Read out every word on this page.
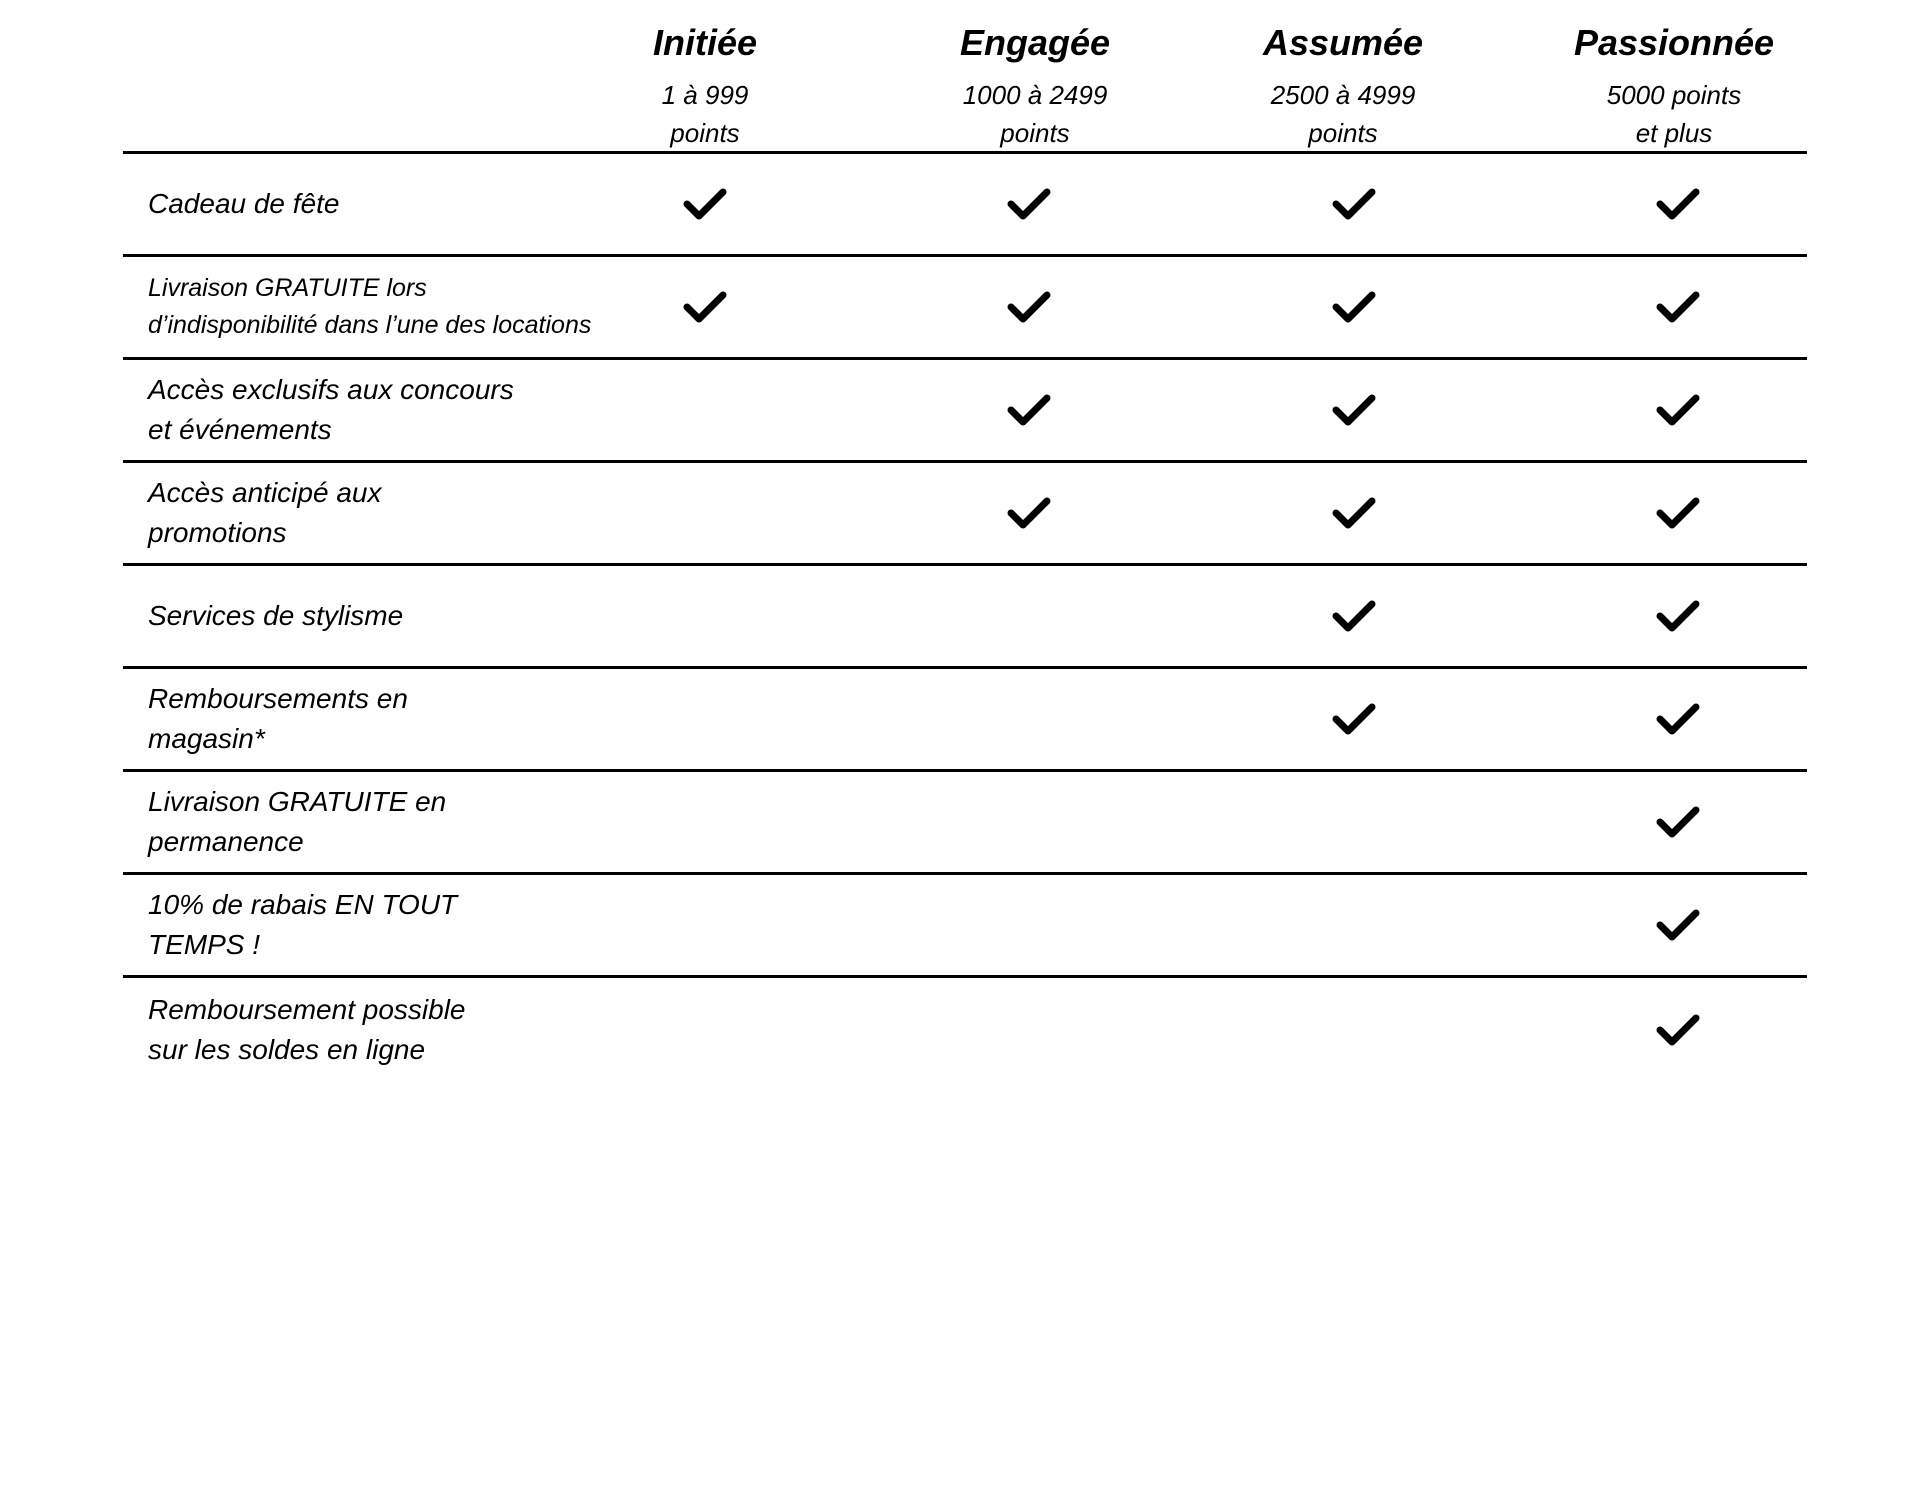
Initiée
1 à 999
points
Engagée
1000 à 2499
points
Assumée
2500 à 4999
points
Passionnée
5000 points
et plus
Cadeau de fête
Livraison GRATUITE lors
d’indisponibilité dans l’une des locations
Accès exclusifs aux concours
et événements
Accès anticipé aux
promotions
Services de stylisme
Remboursements en
magasin*
Livraison GRATUITE en
permanence
10% de rabais EN TOUT
TEMPS !
Remboursement possible
sur les soldes en ligne
